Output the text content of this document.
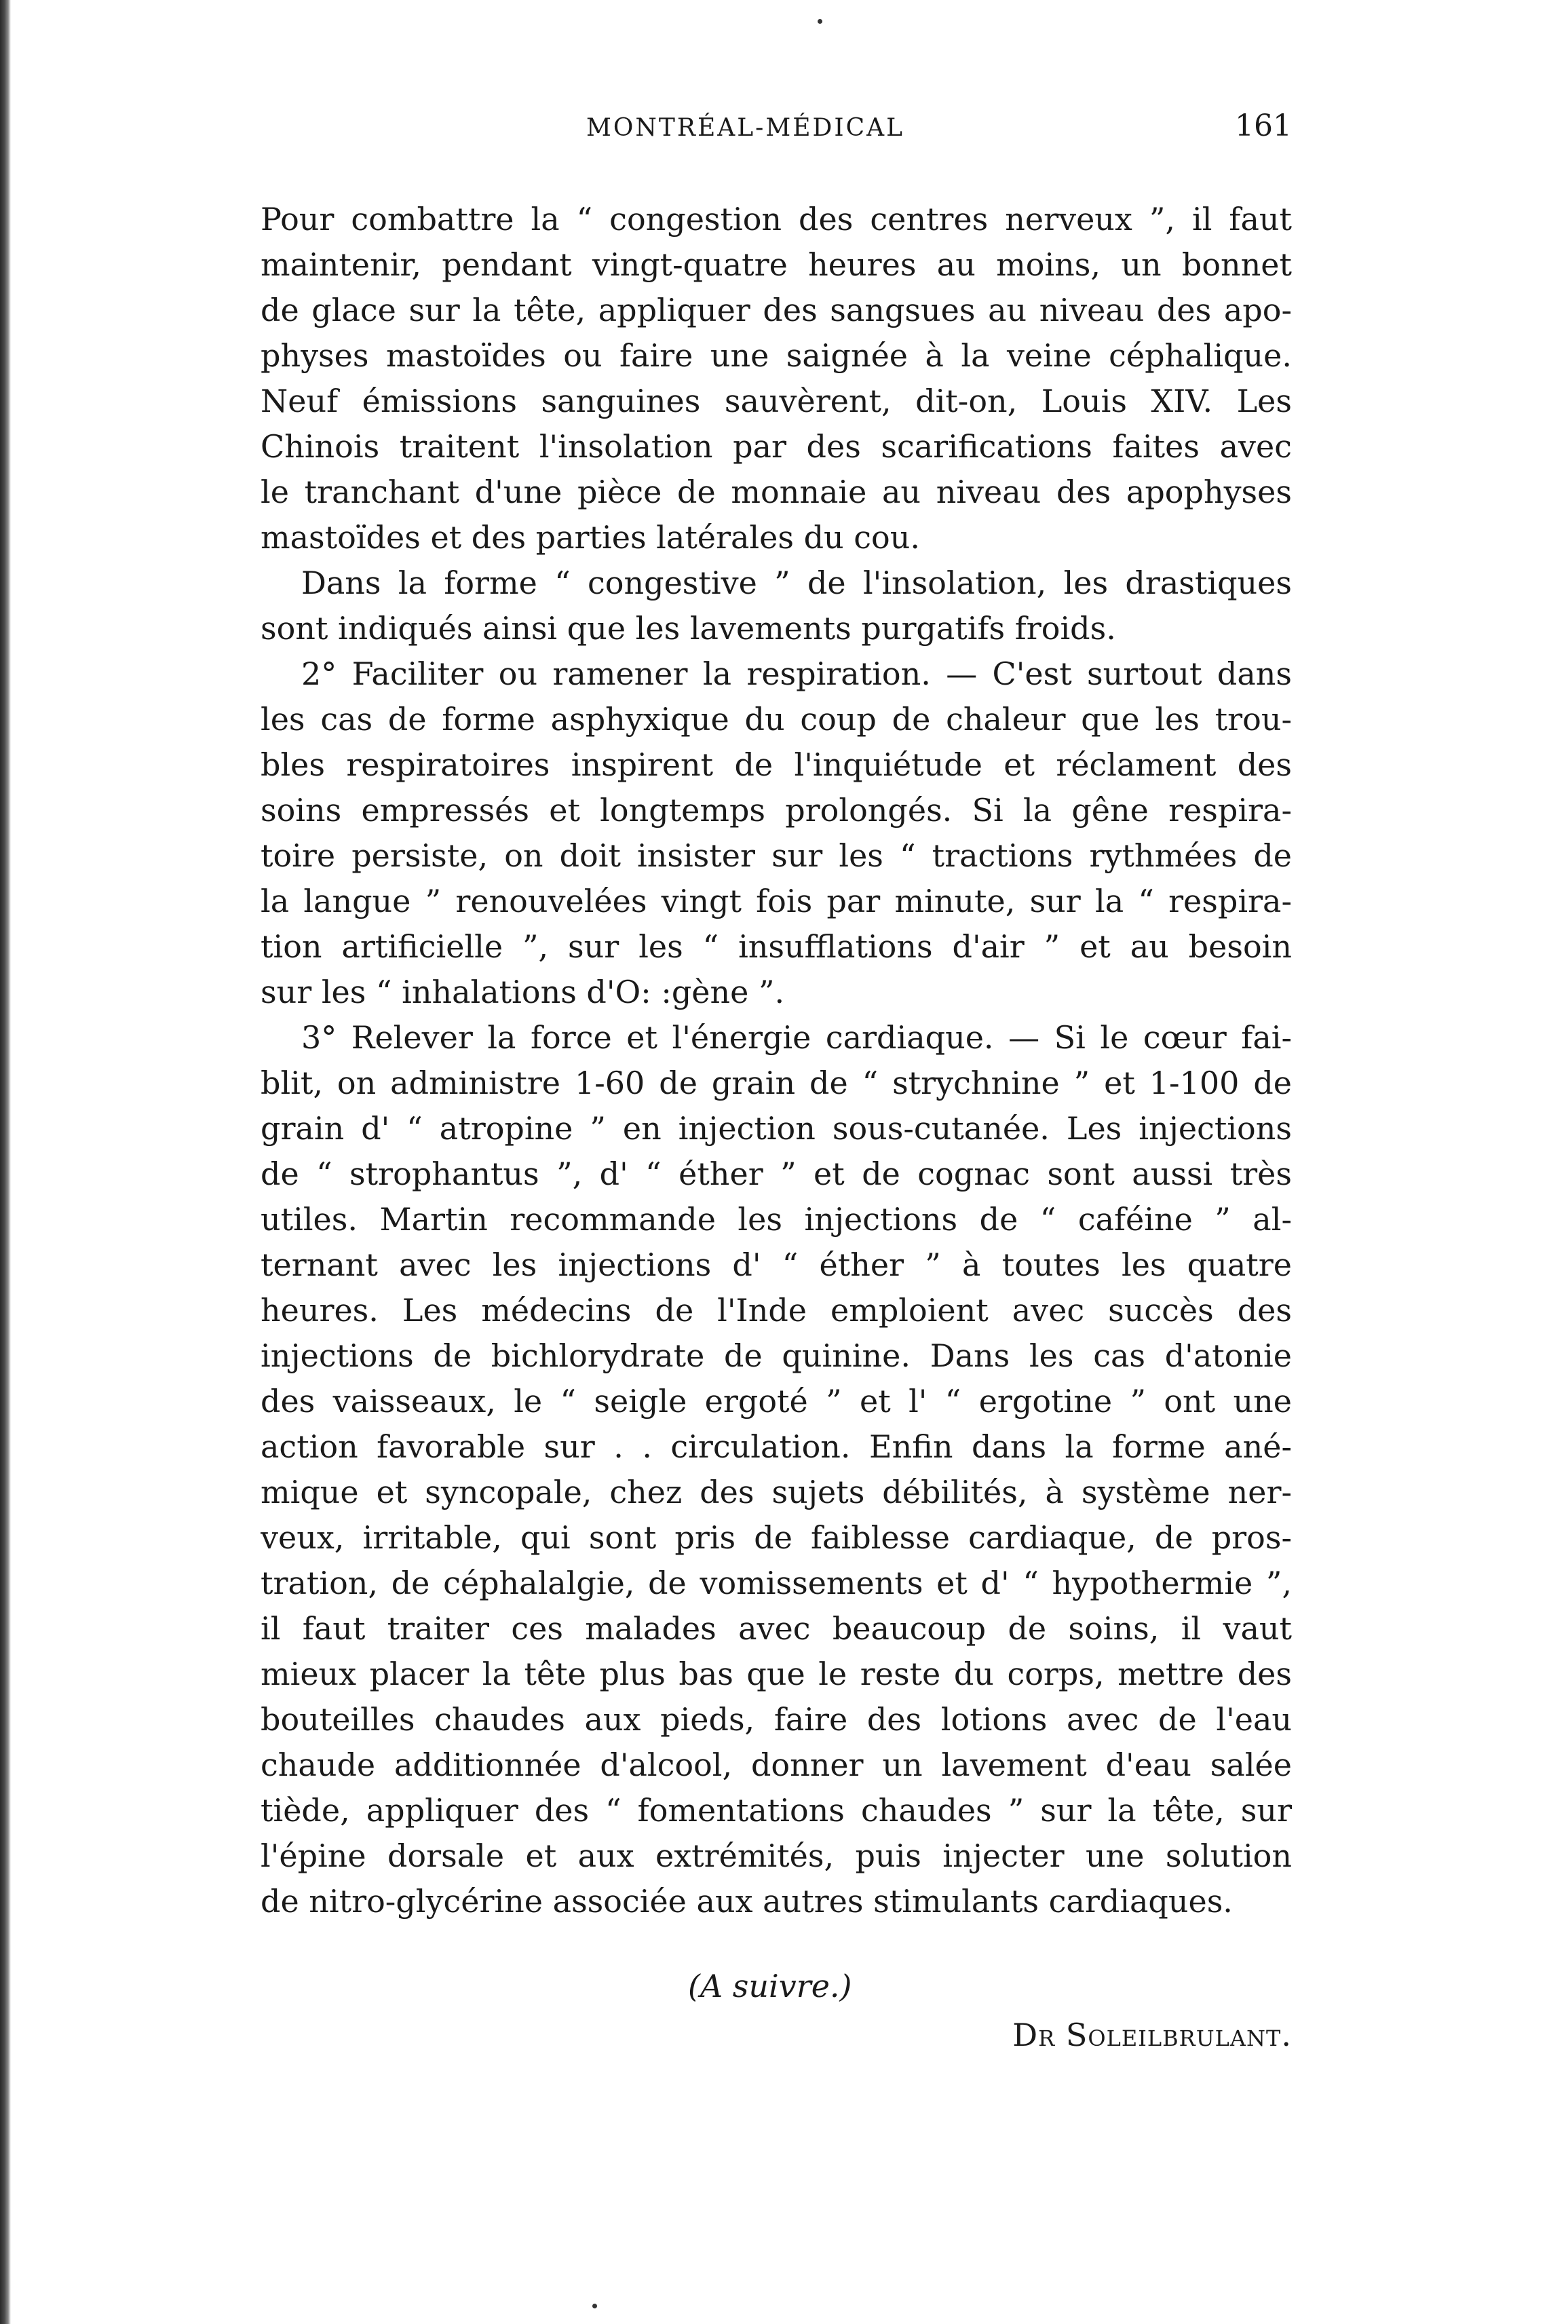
MONTRÉAL-MÉDICAL	161
Pour combattre la “ congestion des centres nerveux ”, il faut
maintenir, pendant vingt-quatre heures au moins, un bonnet
de glace sur la tête, appliquer des sangsues au niveau des apo-
physes mastoïdes ou faire une saignée à la veine céphalique.
Neuf émissions sanguines sauvèrent, dit-on, Louis XIV. Les
Chinois traitent l'insolation par des scarifications faites avec
le tranchant d'une pièce de monnaie au niveau des apophyses
mastoïdes et des parties latérales du cou.
Dans la forme “ congestive ” de l'insolation, les drastiques
sont indiqués ainsi que les lavements purgatifs froids.
2° Faciliter ou ramener la respiration. — C'est surtout dans
les cas de forme asphyxique du coup de chaleur que les trou-
bles respiratoires inspirent de l'inquiétude et réclament des
soins empressés et longtemps prolongés. Si la gêne respira-
toire persiste, on doit insister sur les “ tractions rythmées de
la langue ” renouvelées vingt fois par minute, sur la “ respira-
tion artificielle ”, sur les “ insufflations d'air ” et au besoin
sur les “ inhalations d'O: :gène ”.
3° Relever la force et l'énergie cardiaque. — Si le cœur fai-
blit, on administre 1-60 de grain de “ strychnine ” et 1-100 de
grain d' “ atropine ” en injection sous-cutanée. Les injections
de “ strophantus ”, d' “ éther ” et de cognac sont aussi très
utiles. Martin recommande les injections de “ caféine ” al-
ternant avec les injections d' “ éther ” à toutes les quatre
heures. Les médecins de l'Inde emploient avec succès des
injections de bichlorydrate de quinine. Dans les cas d'atonie
des vaisseaux, le “ seigle ergoté ” et l' “ ergotine ” ont une
action favorable sur . . circulation. Enfin dans la forme ané-
mique et syncopale, chez des sujets débilités, à système ner-
veux, irritable, qui sont pris de faiblesse cardiaque, de pros-
tration, de céphalalgie, de vomissements et d' “ hypothermie ”,
il faut traiter ces malades avec beaucoup de soins, il vaut
mieux placer la tête plus bas que le reste du corps, mettre des
bouteilles chaudes aux pieds, faire des lotions avec de l'eau
chaude additionnée d'alcool, donner un lavement d'eau salée
tiède, appliquer des “ fomentations chaudes ” sur la tête, sur
l'épine dorsale et aux extrémités, puis injecter une solution
de nitro-glycérine associée aux autres stimulants cardiaques.
(A suivre.)
Dr Soleilbrulant.
